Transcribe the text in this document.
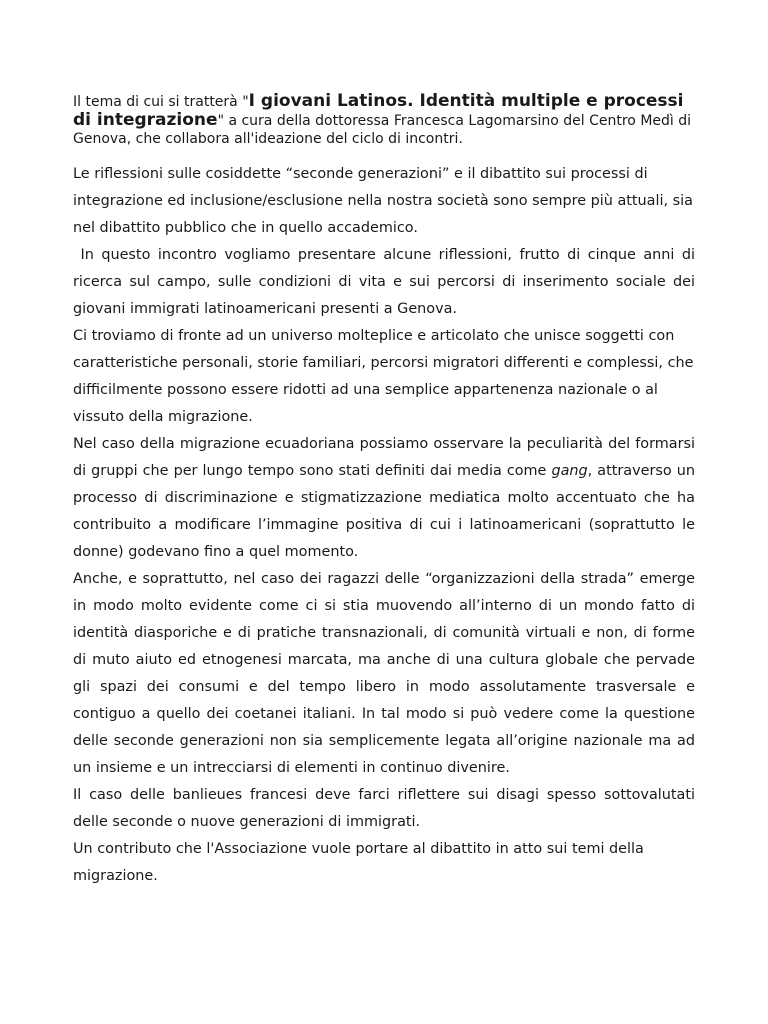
Il tema di cui si tratterà "I giovani Latinos. Identità multiple e processi di integrazione" a cura della dottoressa Francesca Lagomarsino del Centro Medì di Genova, che collabora all'ideazione del ciclo di incontri.

Le riflessioni sulle cosiddette “seconde generazioni” e il dibattito sui processi di integrazione ed inclusione/esclusione nella nostra società sono sempre più attuali, sia nel dibattito pubblico che in quello accademico.

In questo incontro vogliamo presentare alcune riflessioni, frutto di cinque anni di ricerca sul campo, sulle condizioni di vita e sui percorsi di inserimento sociale dei giovani immigrati latinoamericani presenti a Genova.

Ci troviamo di fronte ad un universo molteplice e articolato che unisce soggetti con caratteristiche personali, storie familiari, percorsi migratori differenti e complessi, che difficilmente possono essere ridotti ad una semplice appartenenza nazionale o al vissuto della migrazione.

Nel caso della migrazione ecuadoriana possiamo osservare la peculiarità del formarsi di gruppi che per lungo tempo sono stati definiti dai media come gang, attraverso un processo di discriminazione e stigmatizzazione mediatica molto accentuato che ha contribuito a modificare l’immagine positiva di cui i latinoamericani (soprattutto le donne) godevano fino a quel momento.

Anche, e soprattutto, nel caso dei ragazzi delle “organizzazioni della strada” emerge in modo molto evidente come ci si stia muovendo all’interno di un mondo fatto di identità diasporiche e di pratiche transnazionali, di comunità virtuali e non, di forme di muto aiuto ed etnogenesi marcata, ma anche di una cultura globale che pervade gli spazi dei consumi e del tempo libero in modo assolutamente trasversale e contiguo a quello dei coetanei italiani. In tal modo si può vedere come la questione delle seconde generazioni non sia semplicemente legata all’origine nazionale ma ad un insieme e un intrecciarsi di elementi in continuo divenire.

Il caso delle banlieues francesi deve farci riflettere sui disagi spesso sottovalutati delle seconde o nuove generazioni di immigrati.

Un contributo che l'Associazione vuole portare al dibattito in atto sui temi della migrazione.
